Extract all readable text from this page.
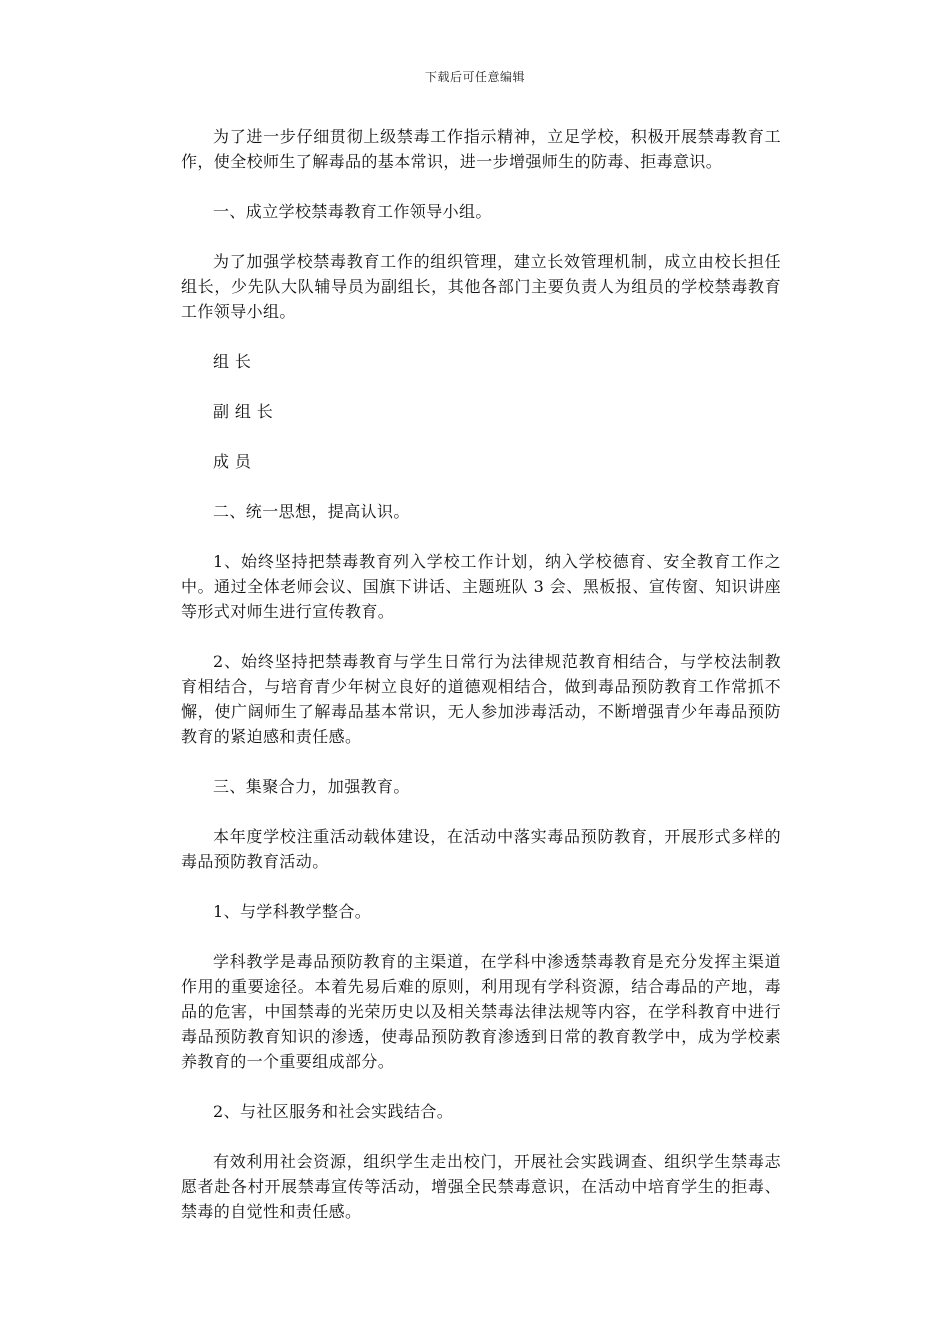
下载后可任意编辑

为了进一步仔细贯彻上级禁毒工作指示精神，立足学校，积极开展禁毒教育工作，使全校师生了解毒品的基本常识，进一步增强师生的防毒、拒毒意识。

一、成立学校禁毒教育工作领导小组。

为了加强学校禁毒教育工作的组织管理，建立长效管理机制，成立由校长担任组长，少先队大队辅导员为副组长，其他各部门主要负责人为组员的学校禁毒教育工作领导小组。

组 长

副 组 长

成 员

二、统一思想，提高认识。

1、始终坚持把禁毒教育列入学校工作计划，纳入学校德育、安全教育工作之中。通过全体老师会议、国旗下讲话、主题班队 3 会、黑板报、宣传窗、知识讲座等形式对师生进行宣传教育。

2、始终坚持把禁毒教育与学生日常行为法律规范教育相结合，与学校法制教育相结合，与培育青少年树立良好的道德观相结合，做到毒品预防教育工作常抓不懈，使广阔师生了解毒品基本常识，无人参加涉毒活动，不断增强青少年毒品预防教育的紧迫感和责任感。

三、集聚合力，加强教育。

本年度学校注重活动载体建设，在活动中落实毒品预防教育，开展形式多样的毒品预防教育活动。

1、与学科教学整合。

学科教学是毒品预防教育的主渠道，在学科中渗透禁毒教育是充分发挥主渠道作用的重要途径。本着先易后难的原则，利用现有学科资源，结合毒品的产地，毒品的危害，中国禁毒的光荣历史以及相关禁毒法律法规等内容，在学科教育中进行毒品预防教育知识的渗透，使毒品预防教育渗透到日常的教育教学中，成为学校素养教育的一个重要组成部分。

2、与社区服务和社会实践结合。

有效利用社会资源，组织学生走出校门，开展社会实践调查、组织学生禁毒志愿者赴各村开展禁毒宣传等活动，增强全民禁毒意识，在活动中培育学生的拒毒、禁毒的自觉性和责任感。
